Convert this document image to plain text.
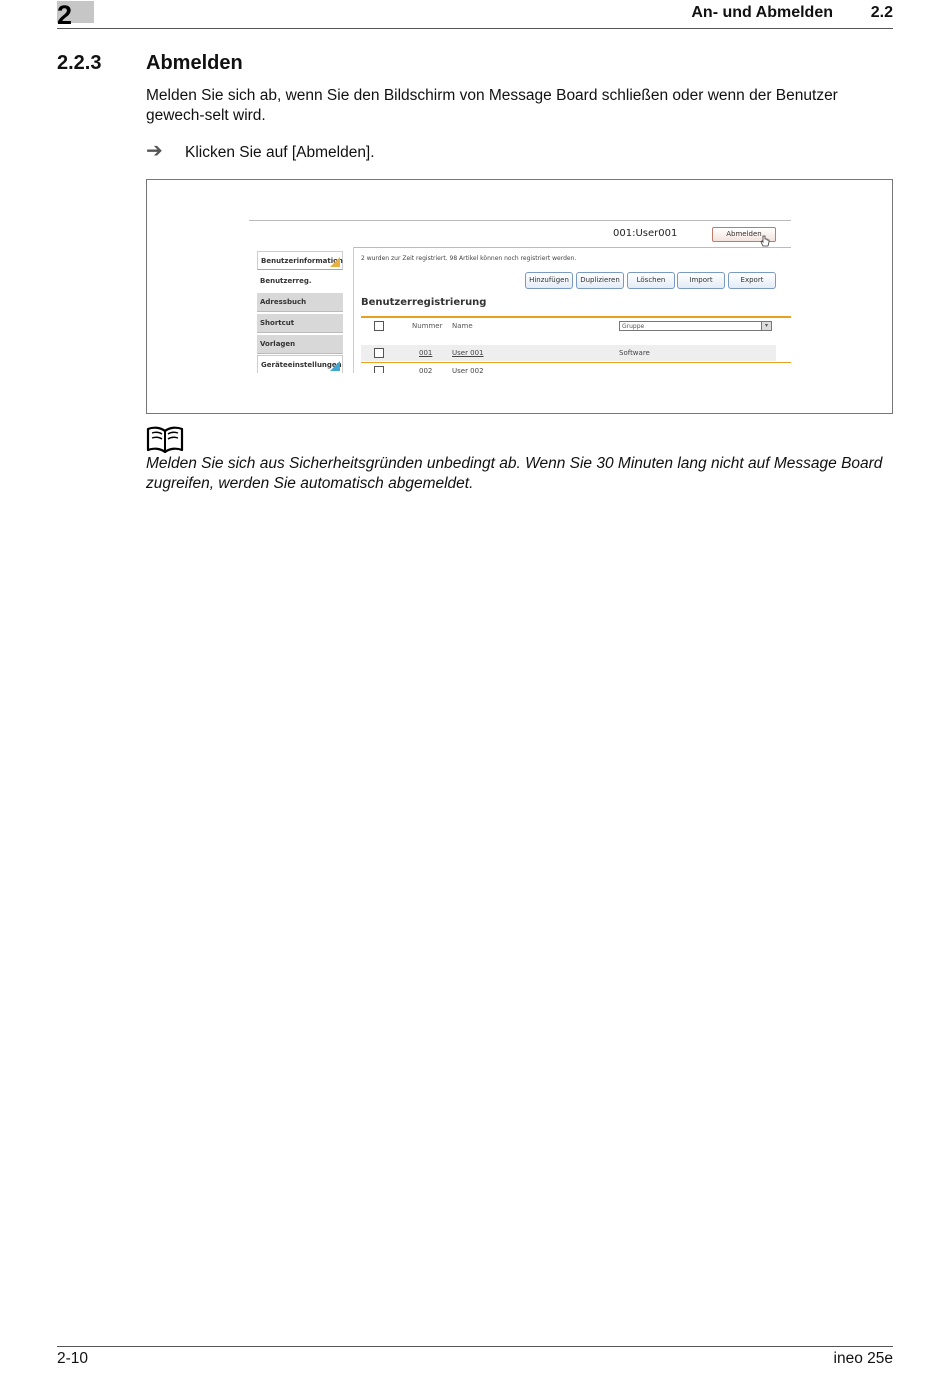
2	An- und Abmelden 2.2
2.2.3 Abmelden
Melden Sie sich ab, wenn Sie den Bildschirm von Message Board schließen oder wenn der Benutzer gewech-selt wird.
➔ Klicken Sie auf [Abmelden].
001:User001	Abmelden
Benutzerinformation
Benutzerreg.
Adressbuch
Shortcut
Vorlagen
Geräteeinstellungen
2 wurden zur Zeit registriert. 98 Artikel können noch registriert werden.
Hinzufügen	Duplizieren	Löschen	Import	Export
Benutzerregistrierung
Nummer Name	Gruppe	▾
001	User 001	Software
002	User 002
Melden Sie sich aus Sicherheitsgründen unbedingt ab. Wenn Sie 30 Minuten lang nicht auf Message Board zugreifen, werden Sie automatisch abgemeldet.
2-10	ineo 25e
